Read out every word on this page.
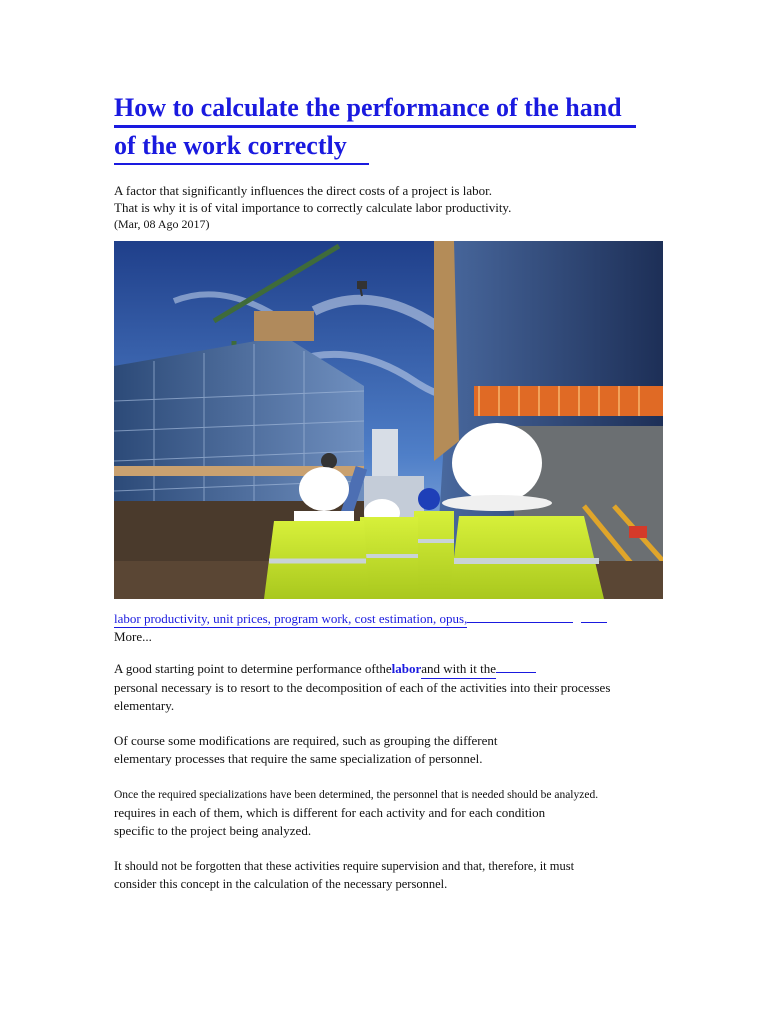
How to calculate the performance of the hand
of the work correctly
A factor that significantly influences the direct costs of a project is labor.
That is why it is of vital importance to correctly calculate labor productivity.
(Mar, 08 Ago 2017)
labor productivity, unit prices, program work, cost estimation, opus,
More...
A good starting point to determine performance ofthelaborand with it the
personal necessary is to resort to the decomposition of each of the activities into their processes
elementary.
Of course some modifications are required, such as grouping the different
elementary processes that require the same specialization of personnel.
Once the required specializations have been determined, the personnel that is needed should be analyzed.
requires in each of them, which is different for each activity and for each condition
specific to the project being analyzed.
It should not be forgotten that these activities require supervision and that, therefore, it must
consider this concept in the calculation of the necessary personnel.
